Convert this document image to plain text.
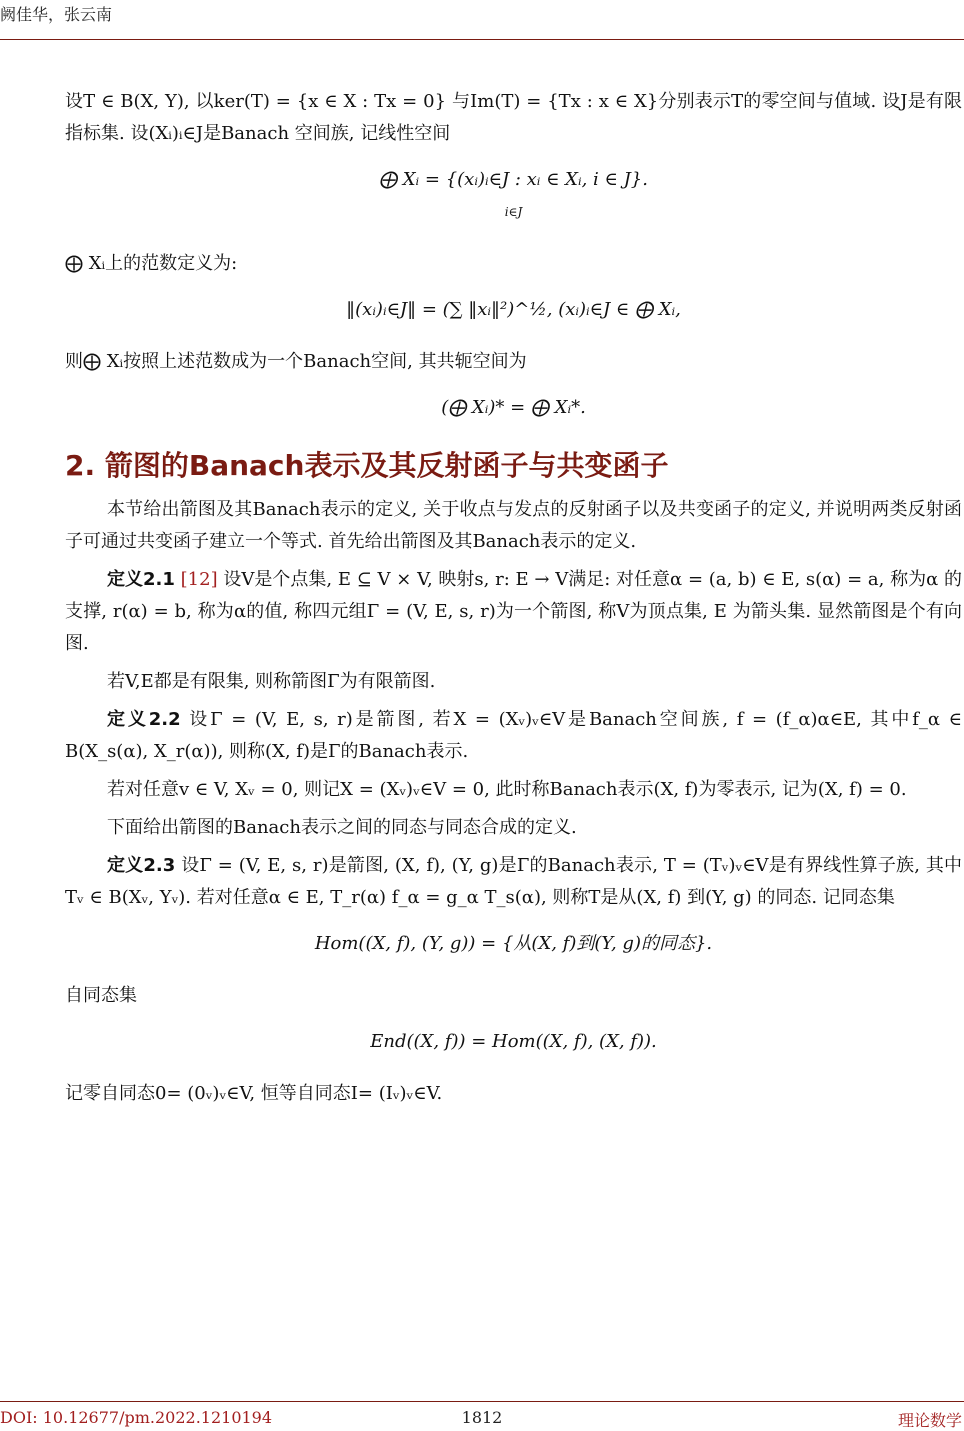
阙佳华，张云南

设T ∈ B(X, Y), 以ker(T) = {x ∈ X : Tx = 0} 与Im(T) = {Tx : x ∈ X}分别表示T的零空间与值域. 设J是有限指标集. 设(Xᵢ)ᵢ∈J是Banach 空间族, 记线性空间

⨁ Xᵢ = {(xᵢ)ᵢ∈J : xᵢ ∈ Xᵢ, i ∈ J}.
i∈J

⨁ Xᵢ上的范数定义为:

‖(xᵢ)ᵢ∈J‖ = (∑ ‖xᵢ‖²)^½, (xᵢ)ᵢ∈J ∈ ⨁ Xᵢ,

则⨁ Xᵢ按照上述范数成为一个Banach空间, 其共轭空间为

(⨁ Xᵢ)* = ⨁ Xᵢ*.
2. 箭图的Banach表示及其反射函子与共变函子

本节给出箭图及其Banach表示的定义, 关于收点与发点的反射函子以及共变函子的定义, 并说明两类反射函子可通过共变函子建立一个等式. 首先给出箭图及其Banach表示的定义.

定义2.1 [12] 设V是个点集, E ⊆ V × V, 映射s, r: E → V满足: 对任意α = (a, b) ∈ E, s(α) = a, 称为α 的支撑, r(α) = b, 称为α的值, 称四元组Γ = (V, E, s, r)为一个箭图, 称V为顶点集, E 为箭头集. 显然箭图是个有向图.

若V,E都是有限集, 则称箭图Γ为有限箭图.

定义2.2 设Γ = (V, E, s, r)是箭图, 若X = (Xᵥ)ᵥ∈V是Banach空间族, f = (f_α)α∈E, 其中f_α ∈ B(X_s(α), X_r(α)), 则称(X, f)是Γ的Banach表示.

若对任意v ∈ V, Xᵥ = 0, 则记X = (Xᵥ)ᵥ∈V = 0, 此时称Banach表示(X, f)为零表示, 记为(X, f) = 0.

下面给出箭图的Banach表示之间的同态与同态合成的定义.

定义2.3 设Γ = (V, E, s, r)是箭图, (X, f), (Y, g)是Γ的Banach表示, T = (Tᵥ)ᵥ∈V是有界线性算子族, 其中Tᵥ ∈ B(Xᵥ, Yᵥ). 若对任意α ∈ E, T_r(α) f_α = g_α T_s(α), 则称T是从(X, f) 到(Y, g) 的同态. 记同态集

Hom((X, f), (Y, g)) = {从(X, f)到(Y, g)的同态}.

自同态集

End((X, f)) = Hom((X, f), (X, f)).

记零自同态0= (0ᵥ)ᵥ∈V, 恒等自同态I= (Iᵥ)ᵥ∈V.

DOI: 10.12677/pm.2022.1210194	1812	理论数学
